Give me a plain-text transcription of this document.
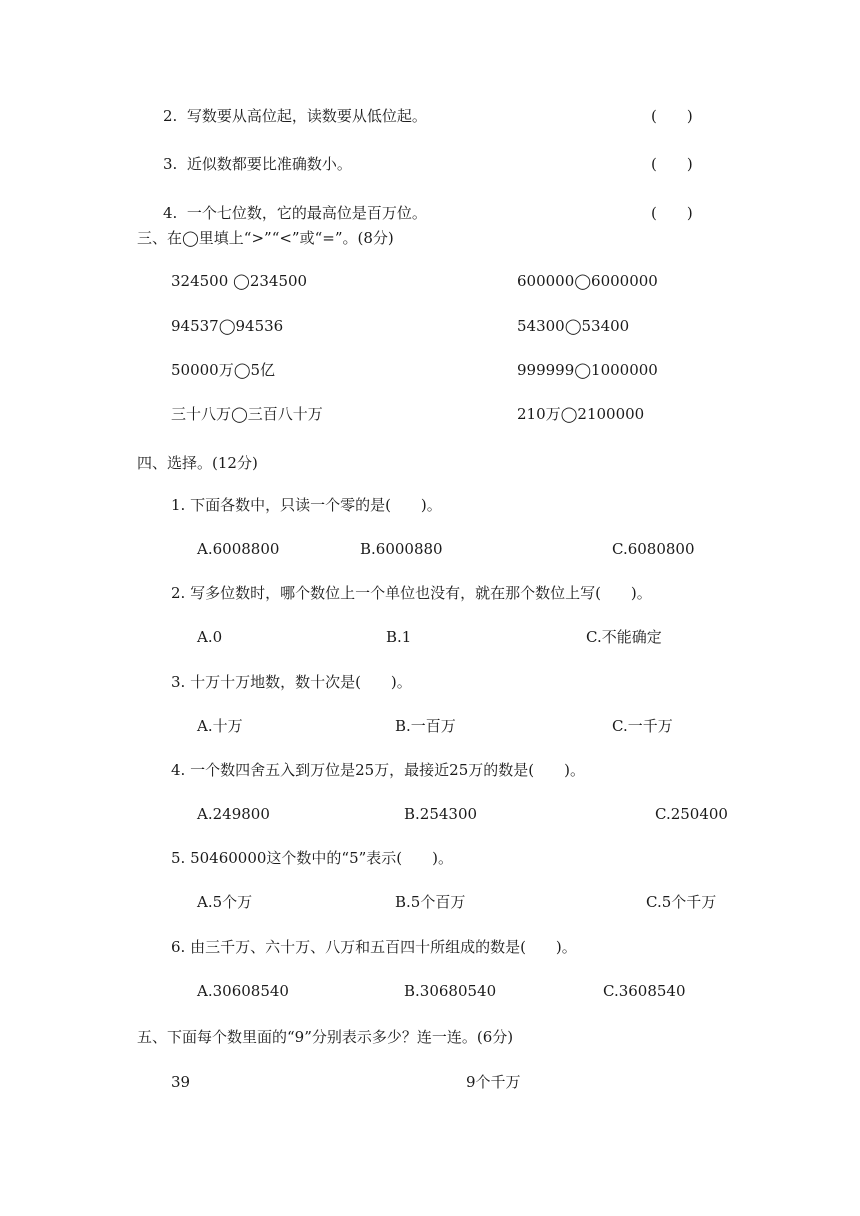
2. 写数要从高位起，读数要从低位起。	(　　)
3. 近似数都要比准确数小。	(　　)
4. 一个七位数，它的最高位是百万位。	(　　)
三、在◯里填上“>”“<”或“=”。(8分)
324500 ◯234500	600000◯6000000
94537◯94536	54300◯53400
50000万◯5亿	999999◯1000000
三十八万◯三百八十万	210万◯2100000
四、选择。(12分)
1. 下面各数中，只读一个零的是(　　)。
A.6008800	B.6000880	C.6080800
2. 写多位数时，哪个数位上一个单位也没有，就在那个数位上写(　　)。
A.0	B.1	C.不能确定
3. 十万十万地数，数十次是(　　)。
A.十万	B.一百万	C.一千万
4. 一个数四舍五入到万位是25万，最接近25万的数是(　　)。
A.249800	B.254300	C.250400
5. 50460000这个数中的“5”表示(　　)。
A.5个万	B.5个百万	C.5个千万
6. 由三千万、六十万、八万和五百四十所组成的数是(　　)。
A.30608540	B.30680540	C.3608540
五、下面每个数里面的“9”分别表示多少？连一连。(6分)
39	9个千万
